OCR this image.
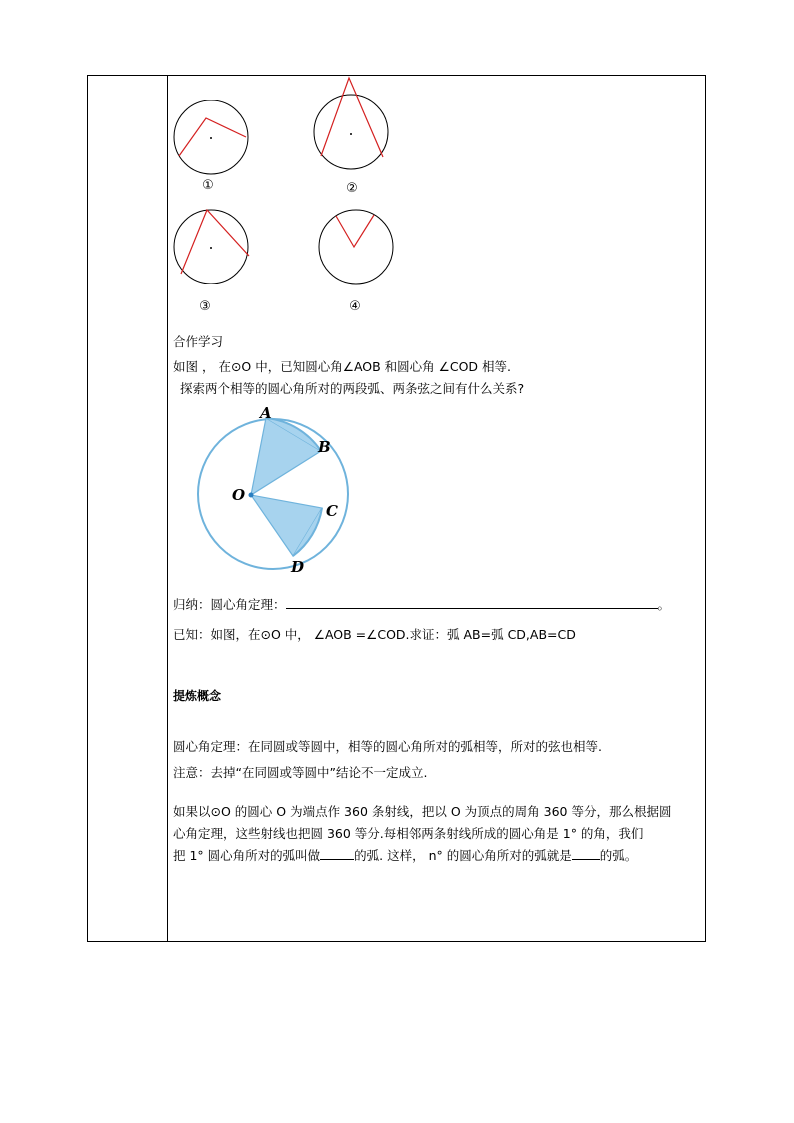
①	②
③	④
合作学习
如图 ， 在⊙O 中，已知圆心角∠AOB 和圆心角 ∠COD 相等.
探索两个相等的圆心角所对的两段弧、两条弦之间有什么关系?
A
B
O
C
D
归纳：圆心角定理：	。
已知：如图，在⊙O 中， ∠AOB =∠COD.求证：弧 AB=弧 CD,AB=CD
提炼概念
圆心角定理：在同圆或等圆中，相等的圆心角所对的弧相等，所对的弦也相等.
注意：去掉“在同圆或等圆中”结论不一定成立.
如果以⊙O 的圆心 O 为端点作 360 条射线，把以 O 为顶点的周角 360 等分，那么根据圆
心角定理，这些射线也把圆 360 等分.每相邻两条射线所成的圆心角是 1° 的角，我们
把 1° 圆心角所对的弧叫做	的弧. 这样， n° 的圆心角所对的弧就是 的弧。
